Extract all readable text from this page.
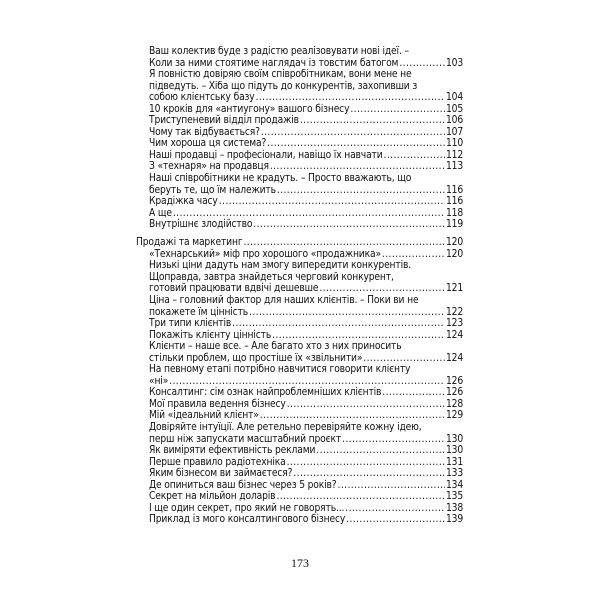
Ваш колектив буде з радістю реалізовувати нові ідеї. –
Коли за ними стоятиме наглядач із товстим батогом .....	103
Я повністю довіряю своїм співробітникам, вони мене не
підведуть. – Хіба що підуть до конкурентів, захопивши з
собою клієнтську базу .....	104
10 кроків для «антиугону» вашого бізнесу .....	105
Триступеневий відділ продажів .....	106
Чому так відбувається? .....	107
Чим хороша ця система? .....	110
Наші продавці – професіонали, навіщо їх навчати .....	112
З «технаря» на продавця .....	113
Наші співробітники не крадуть. – Просто вважають, що
беруть те, що їм належить .....	116
Крадіжка часу .....	116
А ще .....	118
Внутрішнє злодійство .....	119
Продажі та маркетинг .....	120
«Технарський» міф про хорошого «продажника» .....	120
Низькі ціни дадуть нам змогу випередити конкурентів.
Щоправда, завтра знайдеться черговий конкурент,
готовий працювати вдвічі дешевше .....	121
Ціна – головний фактор для наших клієнтів. – Поки ви не
покажете їм цінність .....	122
Три типи клієнтів .....	123
Покажіть клієнту цінність .....	124
Клієнти – наше все. – Але багато хто з них приносить
стільки проблем, що простіше їх «звільнити» .....	124
На певному етапі потрібно навчитися говорити клієнту
«ні» .....	126
Консалтинг: сім ознак найпроблемніших клієнтів .....	126
Мої правила ведення бізнесу .....	128
Мій «ідеальний клієнт» .....	129
Довіряйте інтуїції. Але ретельно перевіряйте кожну ідею,
перш ніж запускати масштабний проєкт .....	130
Як виміряти ефективність реклами .....	130
Перше правило радіотехніка .....	131
Яким бізнесом ви займаєтеся? .....	133
Де опиниться ваш бізнес через 5 років? .....	134
Секрет на мільйон доларів .....	135
І ще один секрет, про який не говорять... .....	138
Приклад із мого консалтингового бізнесу .....	139
173
